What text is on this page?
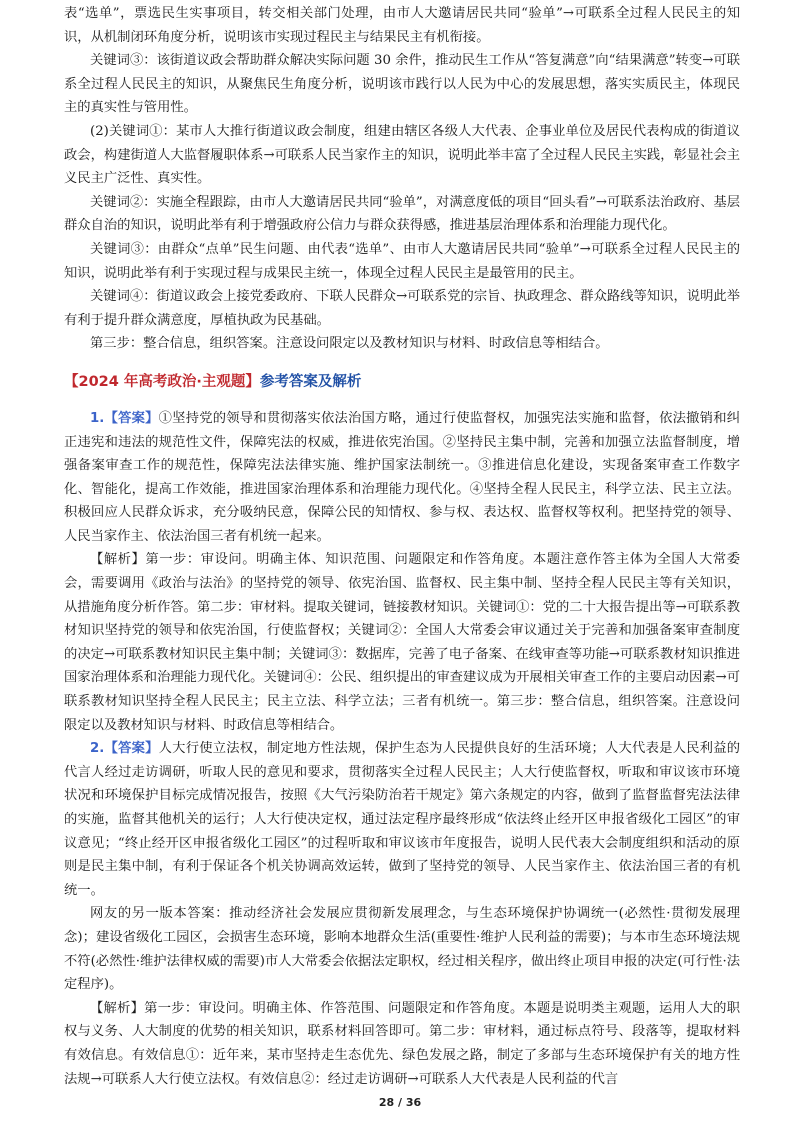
表“选单”，票选民生实事项目，转交相关部门处理，由市人大邀请居民共同“验单”→可联系全过程人民民主的知识，从机制闭环角度分析，说明该市实现过程民主与结果民主有机衔接。

关键词③：该街道议政会帮助群众解决实际问题 30 余件，推动民生工作从“答复满意”向“结果满意”转变→可联系全过程人民民主的知识，从聚焦民生角度分析，说明该市践行以人民为中心的发展思想，落实实质民主，体现民主的真实性与管用性。

(2)关键词①：某市人大推行街道议政会制度，组建由辖区各级人大代表、企事业单位及居民代表构成的街道议政会，构建街道人大监督履职体系→可联系人民当家作主的知识，说明此举丰富了全过程人民民主实践，彰显社会主义民主广泛性、真实性。

关键词②：实施全程跟踪，由市人大邀请居民共同“验单”，对满意度低的项目“回头看”→可联系法治政府、基层群众自治的知识，说明此举有利于增强政府公信力与群众获得感，推进基层治理体系和治理能力现代化。

关键词③：由群众“点单”民生问题、由代表“选单”、由市人大邀请居民共同“验单”→可联系全过程人民民主的知识，说明此举有利于实现过程与成果民主统一，体现全过程人民民主是最管用的民主。

关键词④：街道议政会上接党委政府、下联人民群众→可联系党的宗旨、执政理念、群众路线等知识，说明此举有利于提升群众满意度，厚植执政为民基础。

第三步：整合信息，组织答案。注意设问限定以及教材知识与材料、时政信息等相结合。

【2024 年高考政治·主观题】参考答案及解析

1.【答案】①坚持党的领导和贯彻落实依法治国方略，通过行使监督权，加强宪法实施和监督，依法撤销和纠正违宪和违法的规范性文件，保障宪法的权威，推进依宪治国。②坚持民主集中制，完善和加强立法监督制度，增强备案审查工作的规范性，保障宪法法律实施、维护国家法制统一。③推进信息化建设，实现备案审查工作数字化、智能化，提高工作效能，推进国家治理体系和治理能力现代化。④坚持全程人民民主，科学立法、民主立法。积极回应人民群众诉求，充分吸纳民意，保障公民的知情权、参与权、表达权、监督权等权利。把坚持党的领导、人民当家作主、依法治国三者有机统一起来。

【解析】第一步：审设问。明确主体、知识范围、问题限定和作答角度。本题注意作答主体为全国人大常委会，需要调用《政治与法治》的坚持党的领导、依宪治国、监督权、民主集中制、坚持全程人民民主等有关知识，从措施角度分析作答。第二步：审材料。提取关键词，链接教材知识。关键词①：党的二十大报告提出等→可联系教材知识坚持党的领导和依宪治国，行使监督权；关键词②：全国人大常委会审议通过关于完善和加强备案审查制度的决定→可联系教材知识民主集中制；关键词③：数据库，完善了电子备案、在线审查等功能→可联系教材知识推进国家治理体系和治理能力现代化。关键词④：公民、组织提出的审查建议成为开展相关审查工作的主要启动因素→可联系教材知识坚持全程人民民主；民主立法、科学立法；三者有机统一。第三步：整合信息，组织答案。注意设问限定以及教材知识与材料、时政信息等相结合。

2.【答案】人大行使立法权，制定地方性法规，保护生态为人民提供良好的生活环境；人大代表是人民利益的代言人经过走访调研，听取人民的意见和要求，贯彻落实全过程人民民主；人大行使监督权，听取和审议该市环境状况和环境保护目标完成情况报告，按照《大气污染防治若干规定》第六条规定的内容，做到了监督监督宪法法律的实施，监督其他机关的运行；人大行使决定权，通过法定程序最终形成“依法终止经开区申报省级化工园区”的审议意见；“终止经开区申报省级化工园区”的过程听取和审议该市年度报告，说明人民代表大会制度组织和活动的原则是民主集中制，有利于保证各个机关协调高效运转，做到了坚持党的领导、人民当家作主、依法治国三者的有机统一。

网友的另一版本答案：推动经济社会发展应贯彻新发展理念，与生态环境保护协调统一(必然性·贯彻发展理念)；建设省级化工园区，会损害生态环境，影响本地群众生活(重要性·维护人民利益的需要)；与本市生态环境法规不符(必然性·维护法律权威的需要)市人大常委会依据法定职权，经过相关程序，做出终止项目申报的决定(可行性·法定程序)。

【解析】第一步：审设问。明确主体、作答范围、问题限定和作答角度。本题是说明类主观题，运用人大的职权与义务、人大制度的优势的相关知识，联系材料回答即可。第二步：审材料，通过标点符号、段落等，提取材料有效信息。有效信息①：近年来，某市坚持走生态优先、绿色发展之路，制定了多部与生态环境保护有关的地方性法规→可联系人大行使立法权。有效信息②：经过走访调研→可联系人大代表是人民利益的代言

28 / 36
